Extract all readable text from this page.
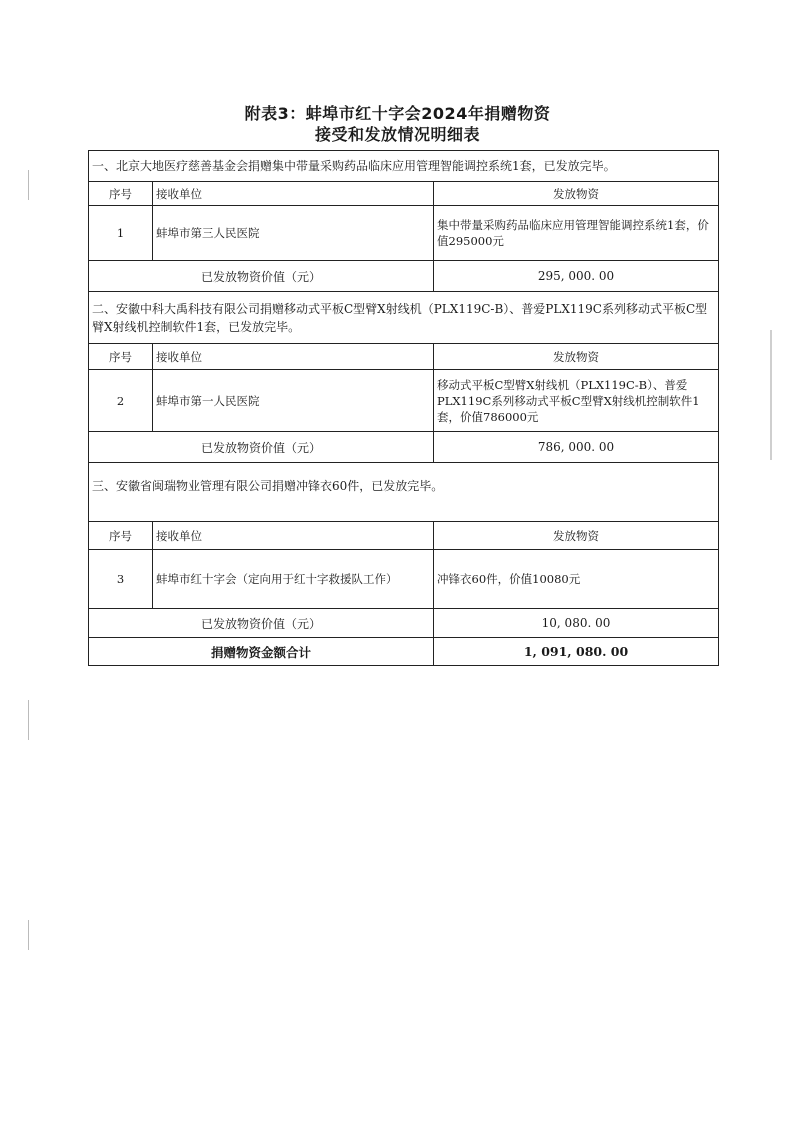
附表3：蚌埠市红十字会2024年捐赠物资
接受和发放情况明细表
一、北京大地医疗慈善基金会捐赠集中带量采购药品临床应用管理智能调控系统1套，已发放完毕。		
序号	接收单位	发放物资
1	蚌埠市第三人民医院	集中带量采购药品临床应用管理智能调控系统1套，价值295000元
已发放物资价值（元）		295, 000. 00
二、安徽中科大禹科技有限公司捐赠移动式平板C型臂X射线机（PLX119C-B）、普爱PLX119C系列移动式平板C型臂X射线机控制软件1套，已发放完毕。		
序号	接收单位	发放物资
2	蚌埠市第一人民医院	移动式平板C型臂X射线机（PLX119C-B）、普爱PLX119C系列移动式平板C型臂X射线机控制软件1套，价值786000元
已发放物资价值（元）		786, 000. 00
三、安徽省闽瑞物业管理有限公司捐赠冲锋衣60件，已发放完毕。		
序号	接收单位	发放物资
3	蚌埠市红十字会（定向用于红十字救援队工作）	冲锋衣60件，价值10080元
已发放物资价值（元）		10, 080. 00
捐赠物资金额合计		1, 091, 080. 00
